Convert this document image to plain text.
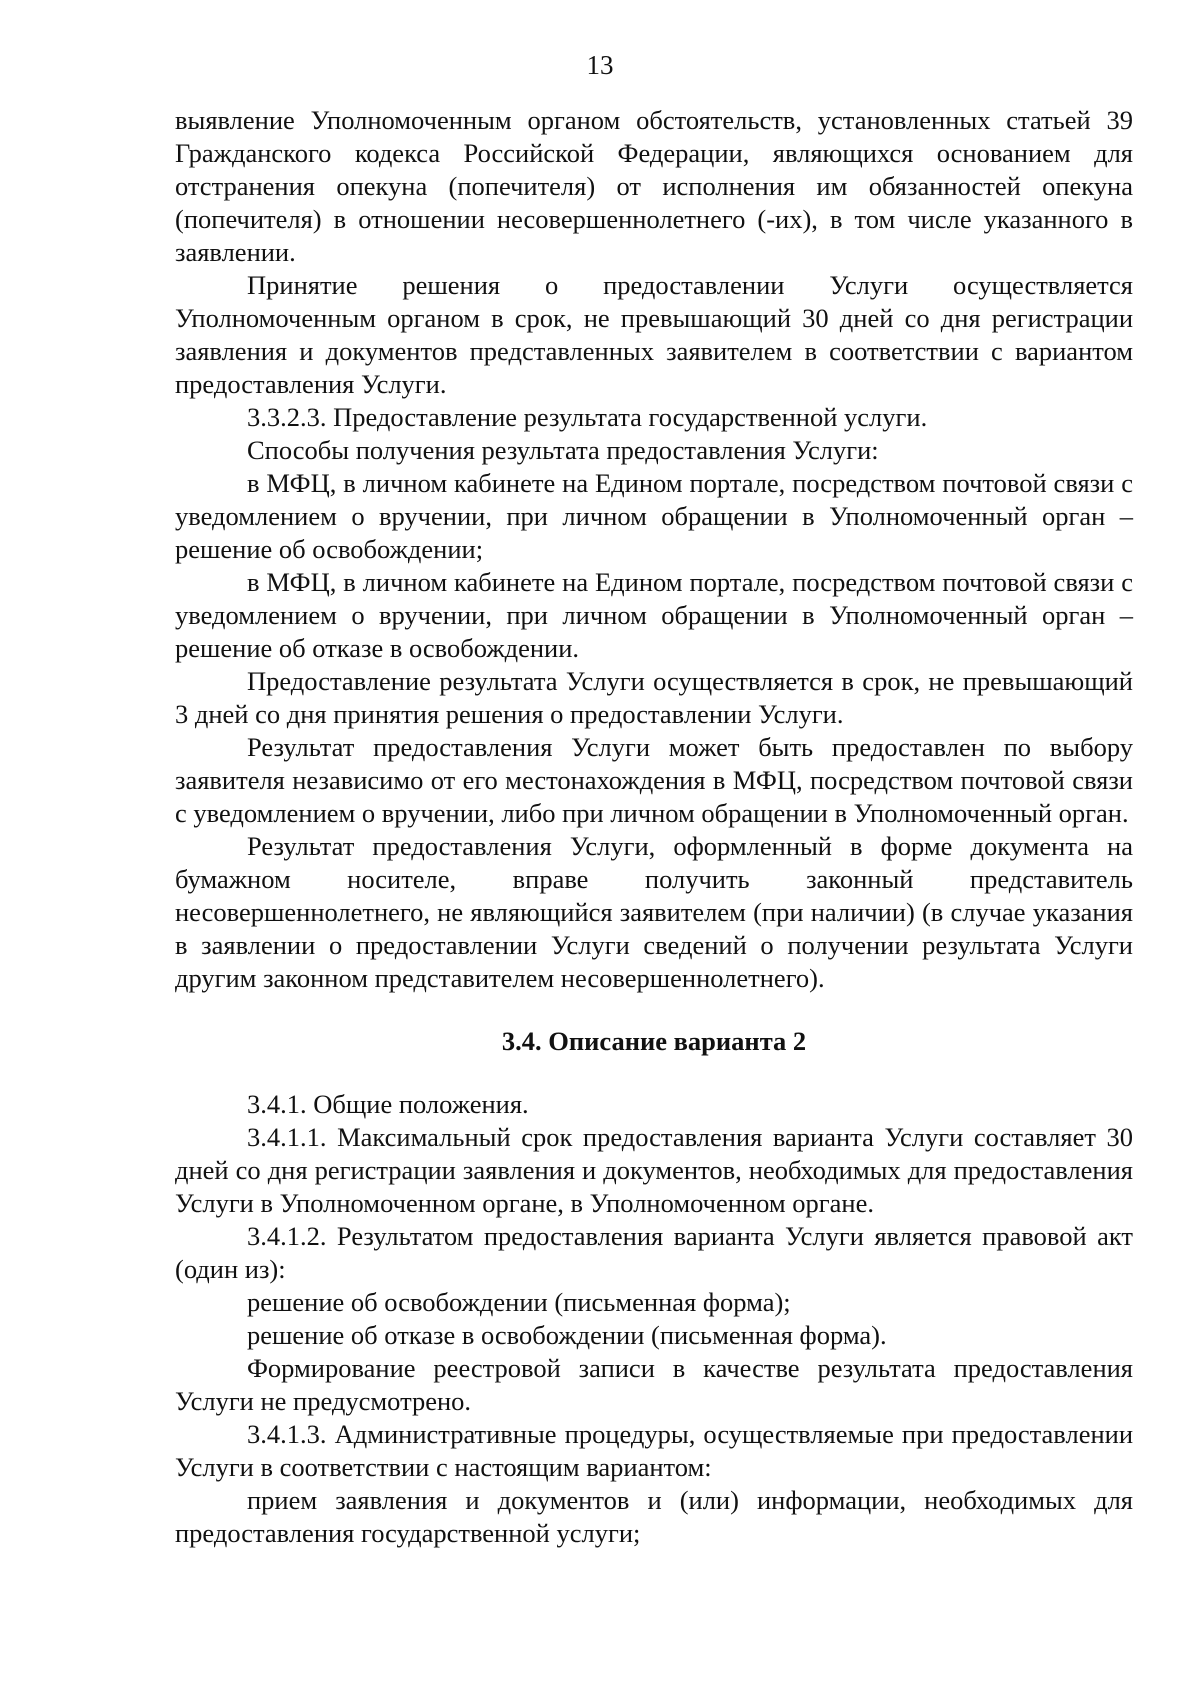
13

выявление Уполномоченным органом обстоятельств, установленных статьей 39 Гражданского кодекса Российской Федерации, являющихся основанием для отстранения опекуна (попечителя) от исполнения им обязанностей опекуна (попечителя) в отношении несовершеннолетнего (-их), в том числе указанного в заявлении.

Принятие решения о предоставлении Услуги осуществляется Уполномоченным органом в срок, не превышающий 30 дней со дня регистрации заявления и документов представленных заявителем в соответствии с вариантом предоставления Услуги.

3.3.2.3. Предоставление результата государственной услуги.

Способы получения результата предоставления Услуги:

в МФЦ, в личном кабинете на Едином портале, посредством почтовой связи с уведомлением о вручении, при личном обращении в Уполномоченный орган – решение об освобождении;

в МФЦ, в личном кабинете на Едином портале, посредством почтовой связи с уведомлением о вручении, при личном обращении в Уполномоченный орган – решение об отказе в освобождении.

Предоставление результата Услуги осуществляется в срок, не превышающий 3 дней со дня принятия решения о предоставлении Услуги.

Результат предоставления Услуги может быть предоставлен по выбору заявителя независимо от его местонахождения в МФЦ, посредством почтовой связи с уведомлением о вручении, либо при личном обращении в Уполномоченный орган.

Результат предоставления Услуги, оформленный в форме документа на бумажном носителе, вправе получить законный представитель несовершеннолетнего, не являющийся заявителем (при наличии) (в случае указания в заявлении о предоставлении Услуги сведений о получении результата Услуги другим законном представителем несовершеннолетнего).

3.4. Описание варианта 2

3.4.1. Общие положения.

3.4.1.1. Максимальный срок предоставления варианта Услуги составляет 30 дней со дня регистрации заявления и документов, необходимых для предоставления Услуги в Уполномоченном органе, в Уполномоченном органе.

3.4.1.2. Результатом предоставления варианта Услуги является правовой акт (один из):

решение об освобождении (письменная форма);

решение об отказе в освобождении (письменная форма).

Формирование реестровой записи в качестве результата предоставления Услуги не предусмотрено.

3.4.1.3. Административные процедуры, осуществляемые при предоставлении Услуги в соответствии с настоящим вариантом:

прием заявления и документов и (или) информации, необходимых для предоставления государственной услуги;
